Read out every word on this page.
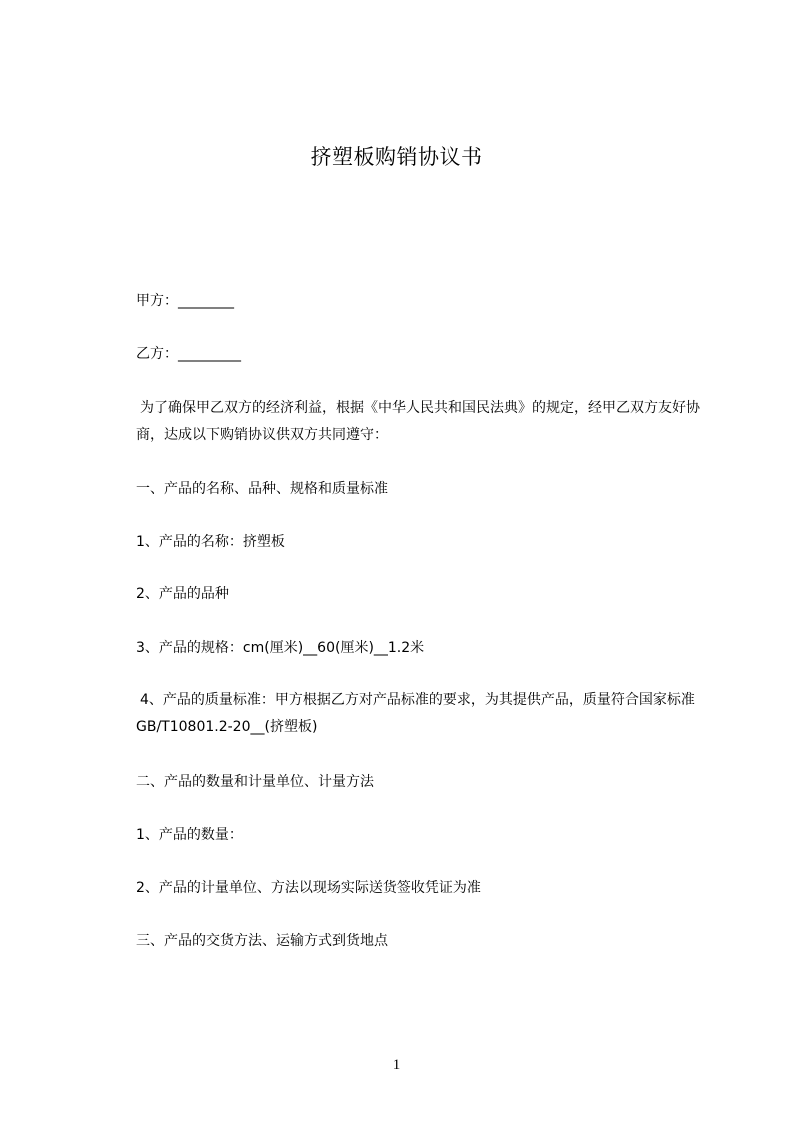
挤塑板购销协议书
甲方：________
乙方：_________
为了确保甲乙双方的经济利益，根据《中华人民共和国民法典》的规定，经甲乙双方友好协商，达成以下购销协议供双方共同遵守：
一、产品的名称、品种、规格和质量标准
1、产品的名称：挤塑板
2、产品的品种
3、产品的规格：cm(厘米)__60(厘米)__1.2米
4、产品的质量标准：甲方根据乙方对产品标准的要求，为其提供产品，质量符合国家标准GB/T10801.2-20__(挤塑板)
二、产品的数量和计量单位、计量方法
1、产品的数量：
2、产品的计量单位、方法以现场实际送货签收凭证为准
三、产品的交货方法、运输方式到货地点
1
